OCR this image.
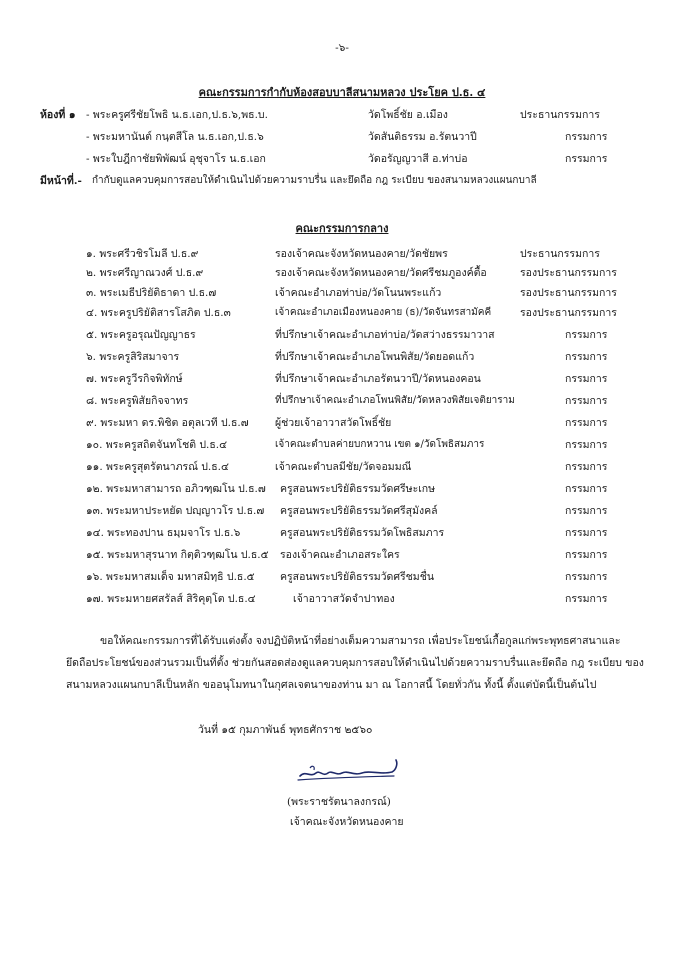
-๖-
คณะกรรมการกำกับห้องสอบบาลีสนามหลวง ประโยค ป.ธ. ๔
ห้องที่ ๑ - พระครูศรีชัยโพธิ น.ธ.เอก,ป.ธ.๖,พธ.บ.	วัดโพธิ์ชัย อ.เมือง	ประธานกรรมการ
- พระมหานันต์ กนฺตสีโล น.ธ.เอก,ป.ธ.๖	วัดสันติธรรม อ.รัตนวาปี	กรรมการ
- พระใบฎีกาชัยพิพัฒน์ อุชุจาโร น.ธ.เอก	วัดอรัญญวาสี อ.ท่าบ่อ	กรรมการ
มีหน้าที่.- กำกับดูแลควบคุมการสอบให้ดำเนินไปด้วยความราบรื่น และยึดถือ กฎ ระเบียบ ของสนามหลวงแผนกบาลี
คณะกรรมการกลาง
๑. พระศรีวชิรโมลี ป.ธ.๙	รองเจ้าคณะจังหวัดหนองคาย/วัดชัยพร	ประธานกรรมการ
๒. พระศรีญาณวงศ์ ป.ธ.๙	รองเจ้าคณะจังหวัดหนองคาย/วัดศรีชมภูองค์ตื้อ	รองประธานกรรมการ
๓. พระเมธีปริยัติธาดา ป.ธ.๗	เจ้าคณะอำเภอท่าบ่อ/วัดโนนพระแก้ว	รองประธานกรรมการ
๔. พระครูปริยัติสารโสภิต ป.ธ.๓	เจ้าคณะอำเภอเมืองหนองคาย (ธ)/วัดจันทรสามัคคี	รองประธานกรรมการ
๕. พระครูอรุณปัญญาธร	ที่ปรึกษาเจ้าคณะอำเภอท่าบ่อ/วัดสว่างธรรมาวาส	กรรมการ
๖. พระครูสิริสมาจาร	ที่ปรึกษาเจ้าคณะอำเภอโพนพิสัย/วัดยอดแก้ว	กรรมการ
๗. พระครูวีรกิจพิทักษ์	ที่ปรึกษาเจ้าคณะอำเภอรัตนวาปี/วัดหนองคอน	กรรมการ
๘. พระครูพิสัยกิจจาทร	ที่ปรึกษาเจ้าคณะอำเภอโพนพิสัย/วัดหลวงพิสัยเจติยาราม	กรรมการ
๙. พระมหา ดร.พิชิต อตุลเวที ป.ธ.๗	ผู้ช่วยเจ้าอาวาสวัดโพธิ์ชัย	กรรมการ
๑๐. พระครูสถิตจันทโชติ ป.ธ.๔	เจ้าคณะตำบลค่ายบกหวาน เขต ๑/วัดโพธิสมภาร	กรรมการ
๑๑. พระครูสุตรัตนาภรณ์ ป.ธ.๔	เจ้าคณะตำบลมีชัย/วัดจอมมณี	กรรมการ
๑๒. พระมหาสามารถ อภิวฑฺฒโน ป.ธ.๗ ครูสอนพระปริยัติธรรมวัดศรีษะเกษ	กรรมการ
๑๓. พระมหาประหยัด ปญฺญาวโร ป.ธ.๗ ครูสอนพระปริยัติธรรมวัดศรีสุมังคล์	กรรมการ
๑๔. พระทองปาน ธมฺมจาโร ป.ธ.๖	ครูสอนพระปริยัติธรรมวัดโพธิสมภาร	กรรมการ
๑๕. พระมหาสุรนาท กิตฺติวฑฺฒโน ป.ธ.๕ รองเจ้าคณะอำเภอสระใคร	กรรมการ
๑๖. พระมหาสมเด็จ มหาสมิทฺธิ ป.ธ.๕ ครูสอนพระปริยัติธรรมวัดศรีชมชื่น	กรรมการ
๑๗. พระมหายศสรัลส์ สิริคุตฺโต ป.ธ.๔	เจ้าอาวาสวัดจำปาทอง	กรรมการ
ขอให้คณะกรรมการที่ได้รับแต่งตั้ง จงปฏิบัติหน้าที่อย่างเต็มความสามารถ เพื่อประโยชน์เกื้อกูลแก่พระพุทธศาสนาและยึดถือประโยชน์ของส่วนรวมเป็นที่ตั้ง ช่วยกันสอดส่องดูแลควบคุมการสอบให้ดำเนินไปด้วยความราบรื่นและยึดถือ กฎ ระเบียบ ของสนามหลวงแผนกบาลีเป็นหลัก ขออนุโมทนาในกุศลเจตนาของท่าน มา ณ โอกาสนี้ โดยทั่วกัน ทั้งนี้ ตั้งแต่บัดนี้เป็นต้นไป
วันที่ ๑๕ กุมภาพันธ์ พุทธศักราช ๒๕๖๐
(พระราชรัตนาลงกรณ์)
เจ้าคณะจังหวัดหนองคาย
